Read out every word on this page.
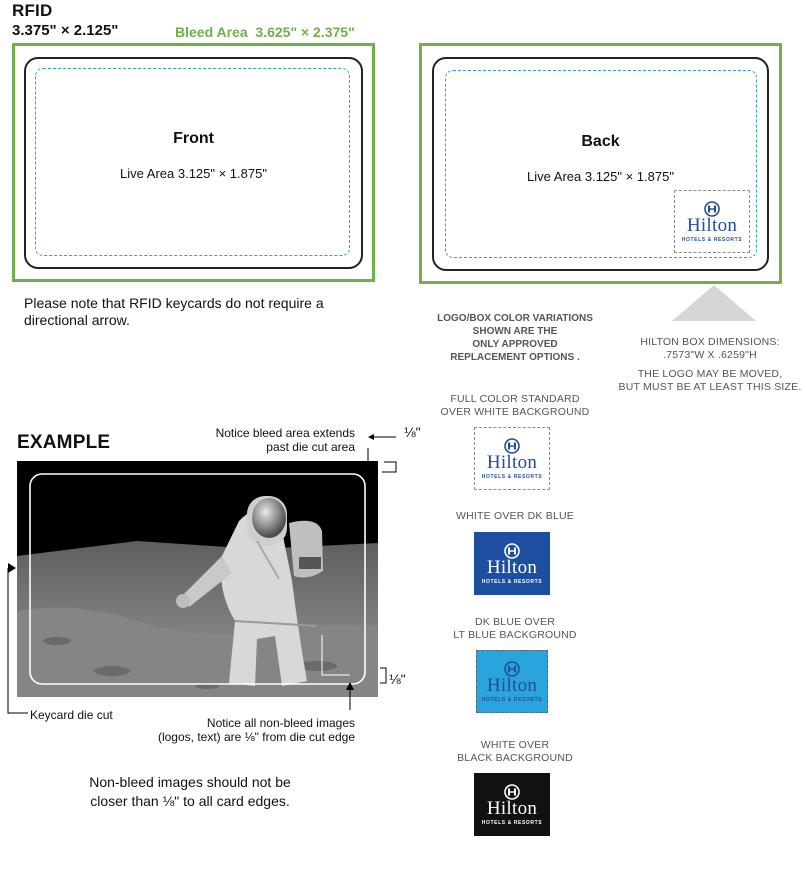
RFID
3.375" × 2.125"	Bleed Area 3.625" × 2.375"
Front
Live Area 3.125" × 1.875"
Back
Live Area 3.125" × 1.875"
Hilton
HOTELS & RESORTS
Please note that RFID keycards do not require a directional arrow.	LOGO/BOX COLOR VARIATIONS
SHOWN ARE THE
ONLY APPROVED
REPLACEMENT OPTIONS .
HILTON BOX DIMENSIONS:
.7573"W X .6259"H
THE LOGO MAY BE MOVED,
BUT MUST BE AT LEAST THIS SIZE.
FULL COLOR STANDARD
OVER WHITE BACKGROUND
Hilton
HOTELS & RESORTS
WHITE OVER DK BLUE
Hilton
HOTELS & RESORTS
DK BLUE OVER
LT BLUE BACKGROUND
Hilton
HOTELS & RESORTS
WHITE OVER
BLACK BACKGROUND
Hilton
HOTELS & RESORTS
EXAMPLE	Notice bleed area extends
past die cut area
⅛"
⅛"
Keycard die cut
Notice all non-bleed images
(logos, text) are ⅛" from die cut edge
Non-bleed images should not be
closer than ⅛" to all card edges.
